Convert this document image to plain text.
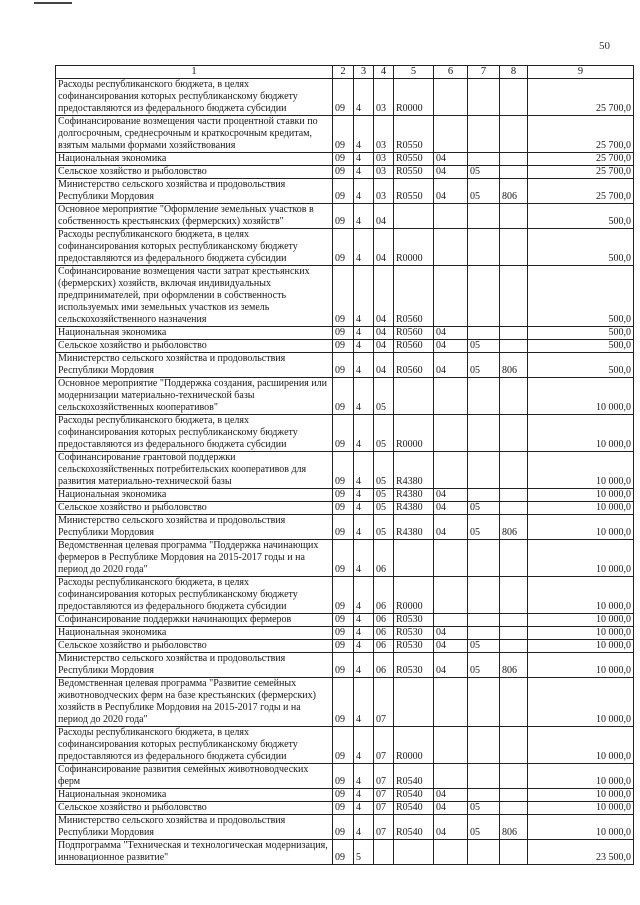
50
1	2	3	4	5	6	7	8	9
Расходы республиканского бюджета, в целях софинансирования которых республиканскому бюджету предоставляются из федерального бюджета субсидии	09	4	03	R0000				25 700,0
Софинансирование возмещения части процентной ставки по долгосрочным, среднесрочным и краткосрочным кредитам, взятым малыми формами хозяйствования	09	4	03	R0550				25 700,0
Национальная экономика	09	4	03	R0550	04			25 700,0
Сельское хозяйство и рыболовство	09	4	03	R0550	04	05		25 700,0
Министерство сельского хозяйства и продовольствия Республики Мордовия	09	4	03	R0550	04	05	806	25 700,0
Основное мероприятие "Оформление земельных участков в собственность крестьянских (фермерских) хозяйств"	09	4	04					500,0
Расходы республиканского бюджета, в целях софинансирования которых республиканскому бюджету предоставляются из федерального бюджета субсидии	09	4	04	R0000				500,0
Софинансирование возмещения части затрат крестьянских (фермерских) хозяйств, включая индивидуальных предпринимателей, при оформлении в собственность используемых ими земельных участков из земель сельскохозяйственного назначения	09	4	04	R0560				500,0
Национальная экономика	09	4	04	R0560	04			500,0
Сельское хозяйство и рыболовство	09	4	04	R0560	04	05		500,0
Министерство сельского хозяйства и продовольствия Республики Мордовия	09	4	04	R0560	04	05	806	500,0
Основное мероприятие "Поддержка создания, расширения или модернизации материально-технической базы сельскохозяйственных кооперативов"	09	4	05					10 000,0
Расходы республиканского бюджета, в целях софинансирования которых республиканскому бюджету предоставляются из федерального бюджета субсидии	09	4	05	R0000				10 000,0
Софинансирование грантовой поддержки сельскохозяйственных потребительских кооперативов для развития материально-технической базы	09	4	05	R4380				10 000,0
Национальная экономика	09	4	05	R4380	04			10 000,0
Сельское хозяйство и рыболовство	09	4	05	R4380	04	05		10 000,0
Министерство сельского хозяйства и продовольствия Республики Мордовия	09	4	05	R4380	04	05	806	10 000,0
Ведомственная целевая программа "Поддержка начинающих фермеров в Республике Мордовия на 2015-2017 годы и на период до 2020 года"	09	4	06					10 000,0
Расходы республиканского бюджета, в целях софинансирования которых республиканскому бюджету предоставляются из федерального бюджета субсидии	09	4	06	R0000				10 000,0
Софинансирование поддержки начинающих фермеров	09	4	06	R0530				10 000,0
Национальная экономика	09	4	06	R0530	04			10 000,0
Сельское хозяйство и рыболовство	09	4	06	R0530	04	05		10 000,0
Министерство сельского хозяйства и продовольствия Республики Мордовия	09	4	06	R0530	04	05	806	10 000,0
Ведомственная целевая программа "Развитие семейных животноводческих ферм на базе крестьянских (фермерских) хозяйств в Республике Мордовия на 2015-2017 годы и на период до 2020 года"	09	4	07					10 000,0
Расходы республиканского бюджета, в целях софинансирования которых республиканскому бюджету предоставляются из федерального бюджета субсидии	09	4	07	R0000				10 000,0
Софинансирование развития семейных животноводческих ферм	09	4	07	R0540				10 000,0
Национальная экономика	09	4	07	R0540	04			10 000,0
Сельское хозяйство и рыболовство	09	4	07	R0540	04	05		10 000,0
Министерство сельского хозяйства и продовольствия Республики Мордовия	09	4	07	R0540	04	05	806	10 000,0
Подпрограмма "Техническая и технологическая модернизация, инновационное развитие"	09	5						23 500,0
